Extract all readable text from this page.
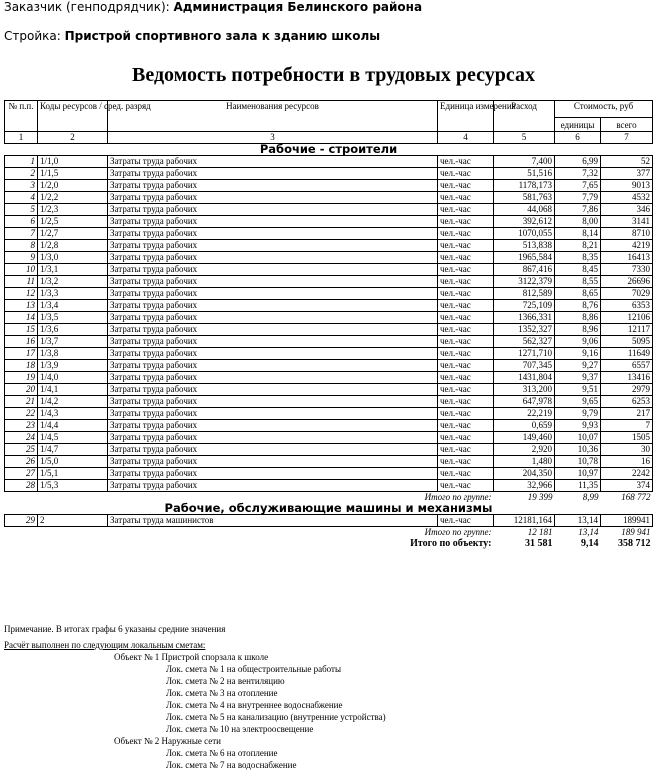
Заказчик (генподрядчик): Администрация Белинского района
Стройка: Пристрой спортивного зала к зданию школы
Ведомость потребности в трудовых ресурсах
№ п.п.	Коды ресурсов / сред. разряд	Наименования ресурсов	Единица измерения	Расход	Стоимость, руб	
					единицы	всего
1	2	3	4	5	6	7
Рабочие - строители						
1	1/1,0	Затраты труда рабочих	чел.-час	7,400	6,99	52
2	1/1,5	Затраты труда рабочих	чел.-час	51,516	7,32	377
3	1/2,0	Затраты труда рабочих	чел.-час	1178,173	7,65	9013
4	1/2,2	Затраты труда рабочих	чел.-час	581,763	7,79	4532
5	1/2,3	Затраты труда рабочих	чел.-час	44,068	7,86	346
6	1/2,5	Затраты труда рабочих	чел.-час	392,612	8,00	3141
7	1/2,7	Затраты труда рабочих	чел.-час	1070,055	8,14	8710
8	1/2,8	Затраты труда рабочих	чел.-час	513,838	8,21	4219
9	1/3,0	Затраты труда рабочих	чел.-час	1965,584	8,35	16413
10	1/3,1	Затраты труда рабочих	чел.-час	867,416	8,45	7330
11	1/3,2	Затраты труда рабочих	чел.-час	3122,379	8,55	26696
12	1/3,3	Затраты труда рабочих	чел.-час	812,589	8,65	7029
13	1/3,4	Затраты труда рабочих	чел.-час	725,109	8,76	6353
14	1/3,5	Затраты труда рабочих	чел.-час	1366,331	8,86	12106
15	1/3,6	Затраты труда рабочих	чел.-час	1352,327	8,96	12117
16	1/3,7	Затраты труда рабочих	чел.-час	562,327	9,06	5095
17	1/3,8	Затраты труда рабочих	чел.-час	1271,710	9,16	11649
18	1/3,9	Затраты труда рабочих	чел.-час	707,345	9,27	6557
19	1/4,0	Затраты труда рабочих	чел.-час	1431,804	9,37	13416
20	1/4,1	Затраты труда рабочих	чел.-час	313,200	9,51	2979
21	1/4,2	Затраты труда рабочих	чел.-час	647,978	9,65	6253
22	1/4,3	Затраты труда рабочих	чел.-час	22,219	9,79	217
23	1/4,4	Затраты труда рабочих	чел.-час	0,659	9,93	7
24	1/4,5	Затраты труда рабочих	чел.-час	149,460	10,07	1505
25	1/4,7	Затраты труда рабочих	чел.-час	2,920	10,36	30
26	1/5,0	Затраты труда рабочих	чел.-час	1,480	10,78	16
27	1/5,1	Затраты труда рабочих	чел.-час	204,350	10,97	2242
28	1/5,3	Затраты труда рабочих	чел.-час	32,966	11,35	374
Итого по группе:				19 399	8,99	168 772
Рабочие, обслуживающие машины и механизмы						
29	2	Затраты труда машинистов	чел.-час	12181,164	13,14	189941
Итого по группе:				12 181	13,14	189 941
Итого по объекту:				31 581	9,14	358 712
Примечание. В итогах графы 6 указаны средние значения
Расчёт выполнен по следующим локальным сметам:
Объект № 1 Пристрой спорзала к школе
Лок. смета № 1 на общестроительные работы
Лок. смета № 2 на вентиляцию
Лок. смета № 3 на отопление
Лок. смета № 4 на внутреннее водоснабжение
Лок. смета № 5 на канализацию (внутренние устройства)
Лок. смета № 10 на электроосвещение
Объект № 2 Наружные сети
Лок. смета № 6 на отопление
Лок. смета № 7 на водоснабжение
